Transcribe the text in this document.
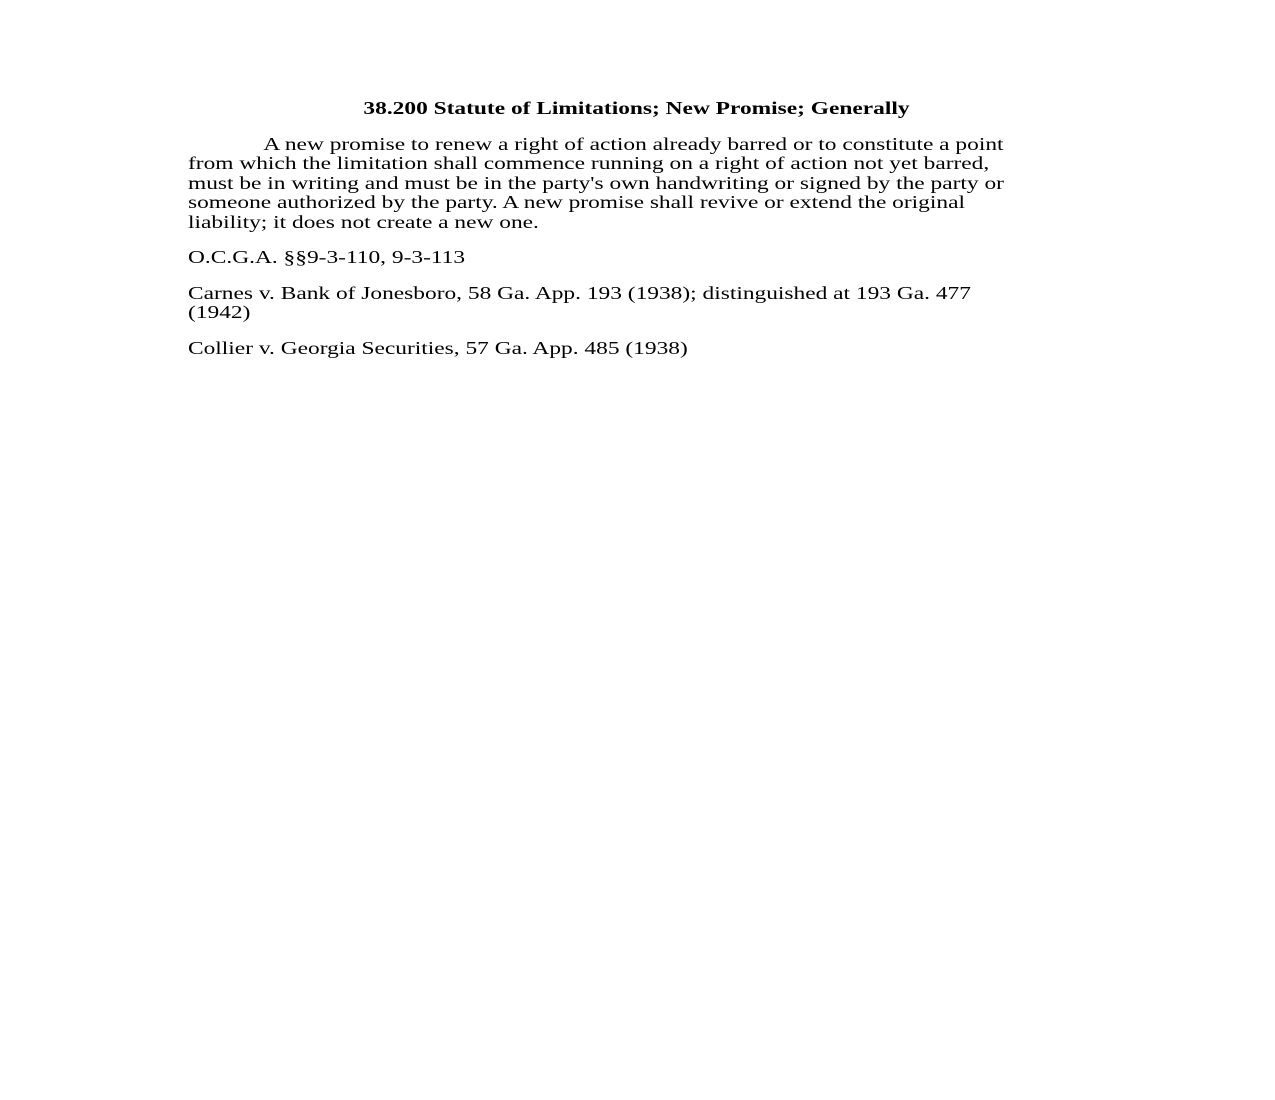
38.200 Statute of Limitations; New Promise; Generally
A new promise to renew a right of action already barred or to constitute a point
from which the limitation shall commence running on a right of action not yet barred,
must be in writing and must be in the party's own handwriting or signed by the party or
someone authorized by the party. A new promise shall revive or extend the original
liability; it does not create a new one.
O.C.G.A. §§9-3-110, 9-3-113
Carnes v. Bank of Jonesboro, 58 Ga. App. 193 (1938); distinguished at 193 Ga. 477
(1942)
Collier v. Georgia Securities, 57 Ga. App. 485 (1938)
